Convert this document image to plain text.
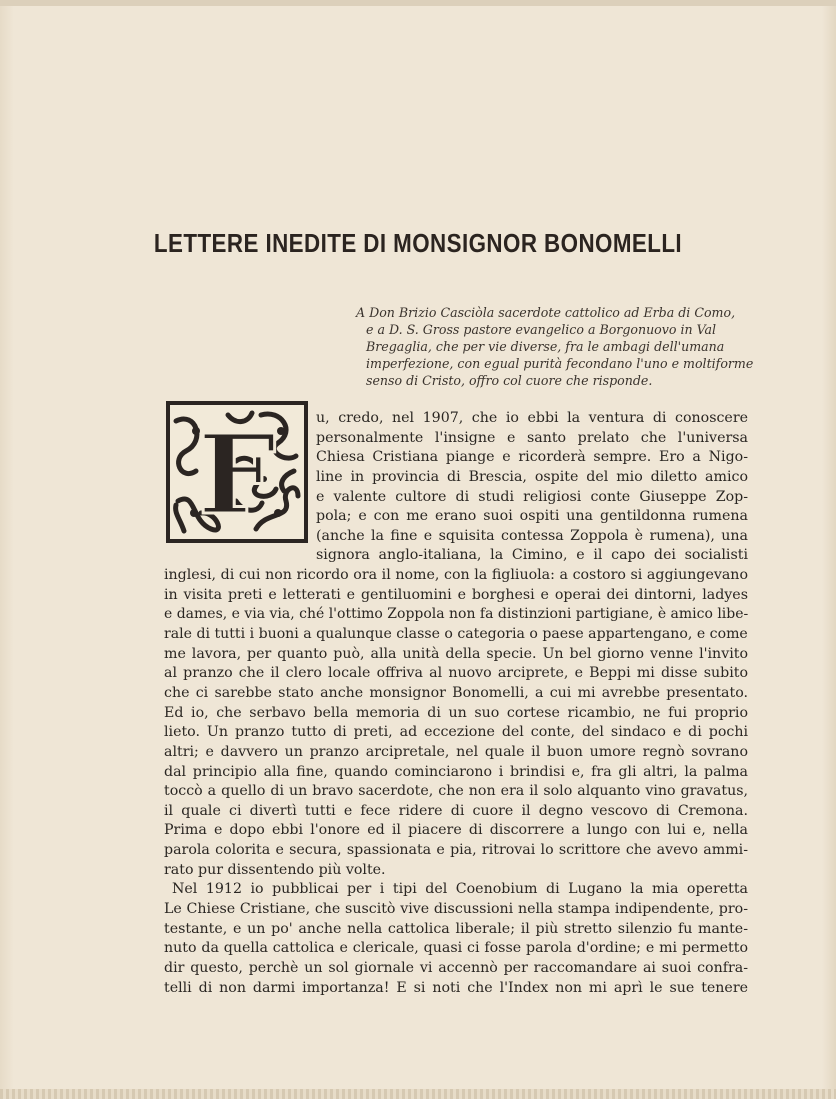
LETTERE INEDITE DI MONSIGNOR BONOMELLI
A Don Brizio Casciòla sacerdote cattolico ad Erba di Como,
e a D. S. Gross pastore evangelico a Borgonuovo in Val
Bregaglia, che per vie diverse, fra le ambagi dell'umana
imperfezione, con egual purità fecondano l'uno e moltiforme
senso di Cristo, offro col cuore che risponde.
F	u, credo, nel 1907, che io ebbi la ventura di conoscere
personalmente l'insigne e santo prelato che l'universa
Chiesa Cristiana piange e ricorderà sempre. Ero a Nigo-
line in provincia di Brescia, ospite del mio diletto amico
e valente cultore di studi religiosi conte Giuseppe Zop-
pola; e con me erano suoi ospiti una gentildonna rumena
(anche la fine e squisita contessa Zoppola è rumena), una
signora anglo-italiana, la Cimino, e il capo dei socialisti
inglesi, di cui non ricordo ora il nome, con la figliuola: a costoro si aggiungevano
in visita preti e letterati e gentiluomini e borghesi e operai dei dintorni, ladyes
e dames, e via via, ché l'ottimo Zoppola non fa distinzioni partigiane, è amico libe-
rale di tutti i buoni a qualunque classe o categoria o paese appartengano, e come
me lavora, per quanto può, alla unità della specie. Un bel giorno venne l'invito
al pranzo che il clero locale offriva al nuovo arciprete, e Beppi mi disse subito
che ci sarebbe stato anche monsignor Bonomelli, a cui mi avrebbe presentato.
Ed io, che serbavo bella memoria di un suo cortese ricambio, ne fui proprio
lieto. Un pranzo tutto di preti, ad eccezione del conte, del sindaco e di pochi
altri; e davvero un pranzo arcipretale, nel quale il buon umore regnò sovrano
dal principio alla fine, quando cominciarono i brindisi e, fra gli altri, la palma
toccò a quello di un bravo sacerdote, che non era il solo alquanto vino gravatus,
il quale ci divertì tutti e fece ridere di cuore il degno vescovo di Cremona.
Prima e dopo ebbi l'onore ed il piacere di discorrere a lungo con lui e, nella
parola colorita e secura, spassionata e pia, ritrovai lo scrittore che avevo ammi-
rato pur dissentendo più volte.
Nel 1912 io pubblicai per i tipi del Coenobium di Lugano la mia operetta
Le Chiese Cristiane, che suscitò vive discussioni nella stampa indipendente, pro-
testante, e un po' anche nella cattolica liberale; il più stretto silenzio fu mante-
nuto da quella cattolica e clericale, quasi ci fosse parola d'ordine; e mi permetto
dir questo, perchè un sol giornale vi accennò per raccomandare ai suoi confra-
telli di non darmi importanza! E si noti che l'Index non mi aprì le sue tenere
